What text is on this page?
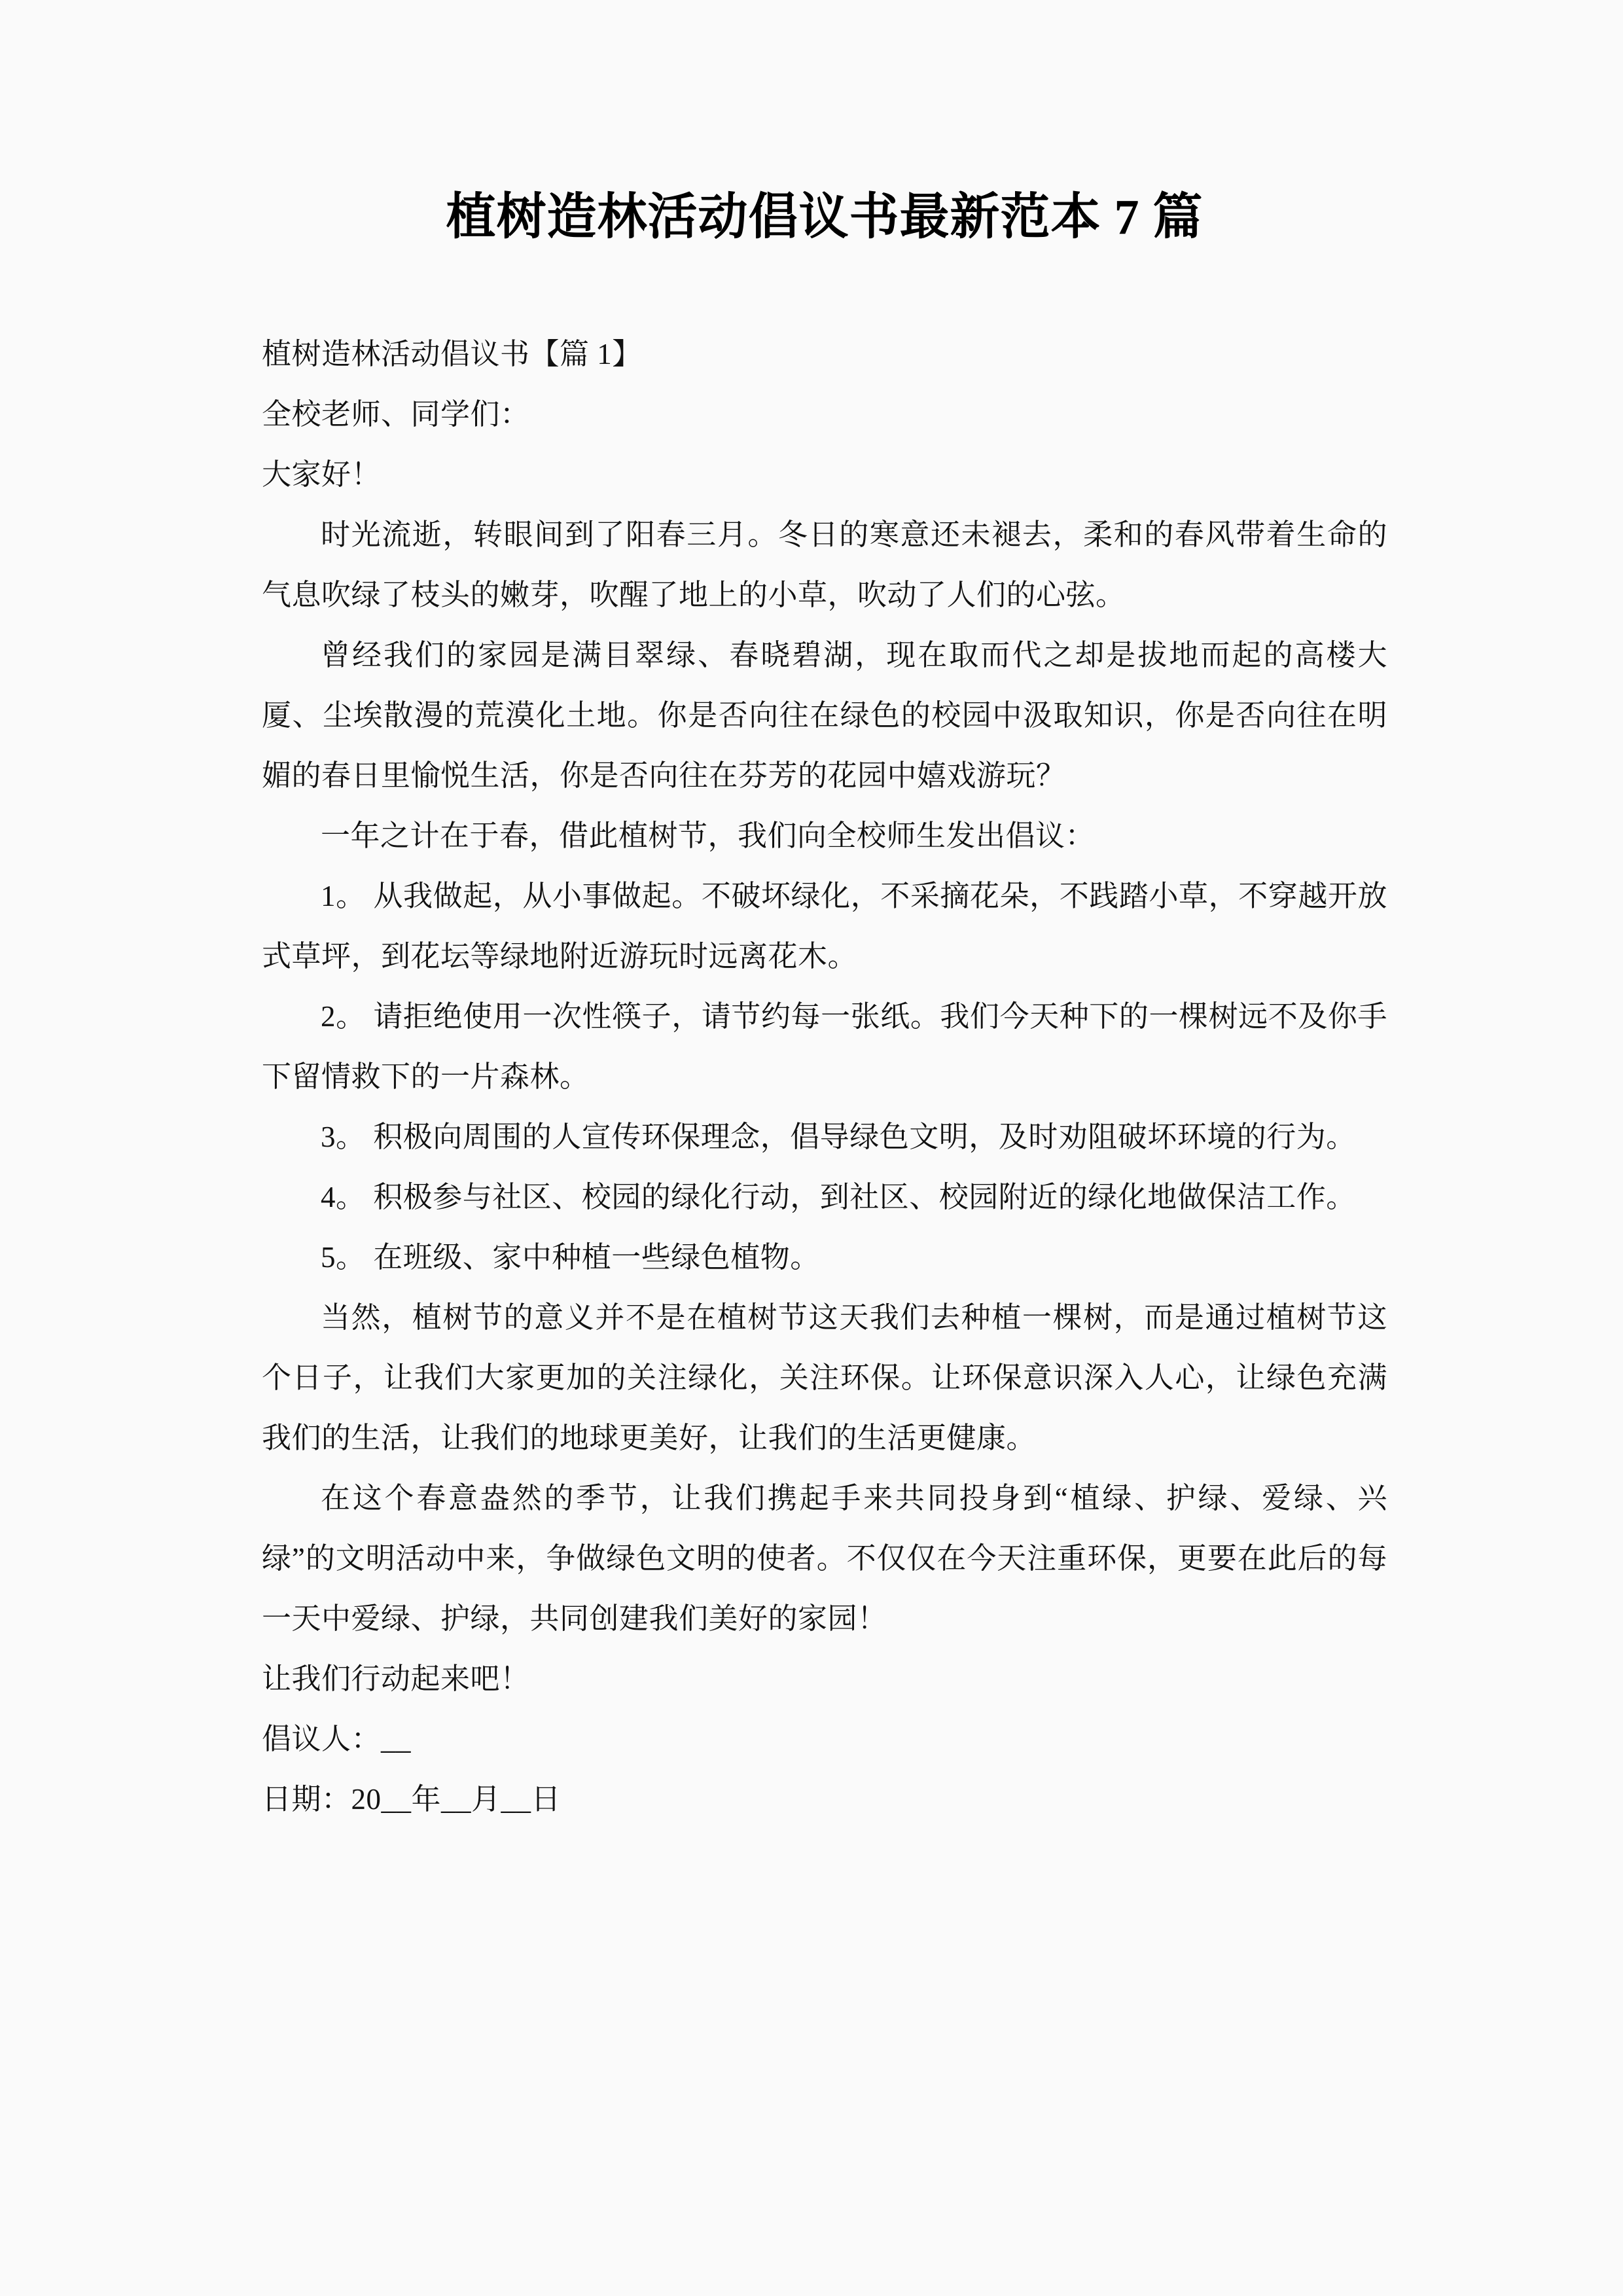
植树造林活动倡议书最新范本 7 篇

植树造林活动倡议书【篇 1】

全校老师、同学们：

大家好！

时光流逝，转眼间到了阳春三月。冬日的寒意还未褪去，柔和的春风带着生命的气息吹绿了枝头的嫩芽，吹醒了地上的小草，吹动了人们的心弦。

曾经我们的家园是满目翠绿、春晓碧湖，现在取而代之却是拔地而起的高楼大厦、尘埃散漫的荒漠化土地。你是否向往在绿色的校园中汲取知识，你是否向往在明媚的春日里愉悦生活，你是否向往在芬芳的花园中嬉戏游玩？

一年之计在于春，借此植树节，我们向全校师生发出倡议：

1。 从我做起，从小事做起。不破坏绿化，不采摘花朵，不践踏小草，不穿越开放式草坪，到花坛等绿地附近游玩时远离花木。

2。 请拒绝使用一次性筷子，请节约每一张纸。我们今天种下的一棵树远不及你手下留情救下的一片森林。

3。 积极向周围的人宣传环保理念，倡导绿色文明，及时劝阻破坏环境的行为。

4。 积极参与社区、校园的绿化行动，到社区、校园附近的绿化地做保洁工作。

5。 在班级、家中种植一些绿色植物。

当然，植树节的意义并不是在植树节这天我们去种植一棵树，而是通过植树节这个日子，让我们大家更加的关注绿化，关注环保。让环保意识深入人心，让绿色充满我们的生活，让我们的地球更美好，让我们的生活更健康。

在这个春意盎然的季节，让我们携起手来共同投身到“植绿、护绿、爱绿、兴绿”的文明活动中来，争做绿色文明的使者。不仅仅在今天注重环保，更要在此后的每一天中爱绿、护绿，共同创建我们美好的家园！

让我们行动起来吧！

倡议人：__

日期：20__年__月__日
